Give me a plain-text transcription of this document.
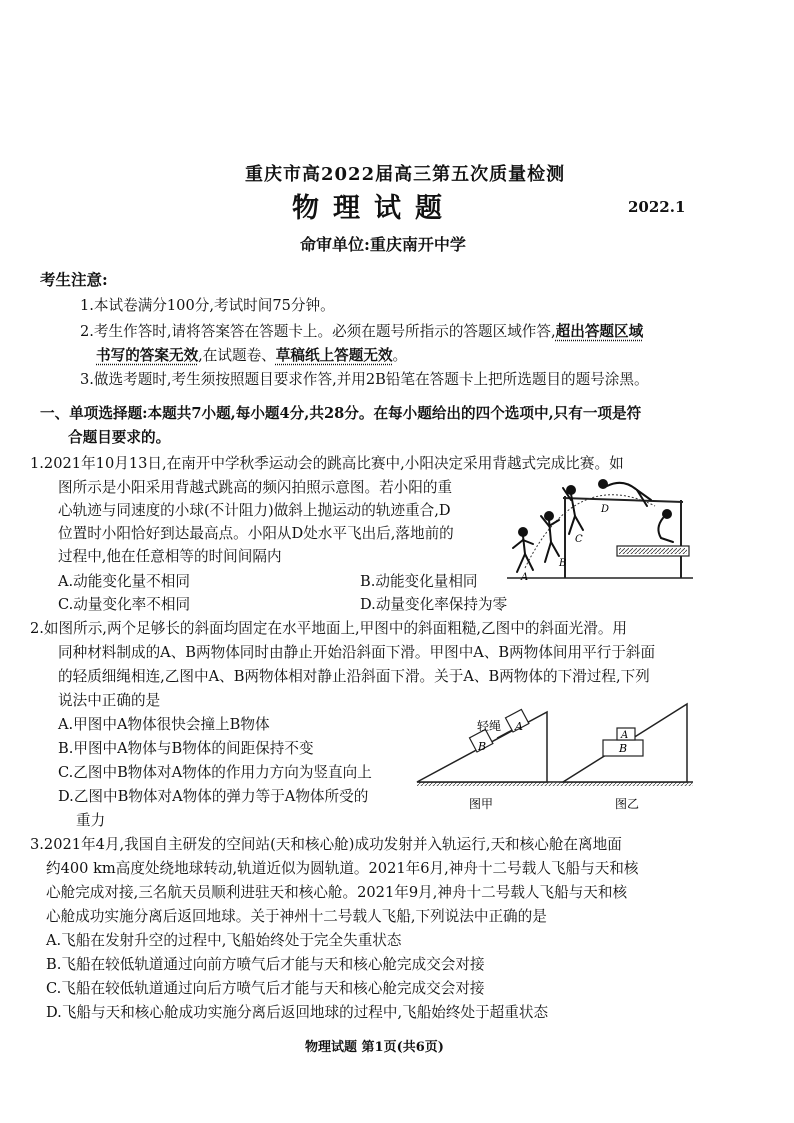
重庆市高2022届高三第五次质量检测
物理试题	2022.1
命审单位:重庆南开中学
考生注意:
1.本试卷满分100分,考试时间75分钟。
2.考生作答时,请将答案答在答题卡上。必须在题号所指示的答题区域作答,超出答题区域
书写的答案无效,在试题卷、草稿纸上答题无效。
3.做选考题时,考生须按照题目要求作答,并用2B铅笔在答题卡上把所选题目的题号涂黑。
一、单项选择题:本题共7小题,每小题4分,共28分。在每小题给出的四个选项中,只有一项是符
合题目要求的。
1.2021年10月13日,在南开中学秋季运动会的跳高比赛中,小阳决定采用背越式完成比赛。如
图所示是小阳采用背越式跳高的频闪拍照示意图。若小阳的重
心轨迹与同速度的小球(不计阻力)做斜上抛运动的轨迹重合,D
位置时小阳恰好到达最高点。小阳从D处水平飞出后,落地前的
过程中,他在任意相等的时间间隔内
A.动能变化量不相同	B.动能变化量相同
C.动量变化率不相同	D.动量变化率保持为零
D
C
B
A
2.如图所示,两个足够长的斜面均固定在水平地面上,甲图中的斜面粗糙,乙图中的斜面光滑。用
同种材料制成的A、B两物体同时由静止开始沿斜面下滑。甲图中A、B两物体间用平行于斜面
的轻质细绳相连,乙图中A、B两物体相对静止沿斜面下滑。关于A、B两物体的下滑过程,下列
说法中正确的是
A.甲图中A物体很快会撞上B物体
B.甲图中A物体与B物体的间距保持不变
C.乙图中B物体对A物体的作用力方向为竖直向上
D.乙图中B物体对A物体的弹力等于A物体所受的
重力
轻绳
B
A
B
A
图甲	图乙
3.2021年4月,我国自主研发的空间站(天和核心舱)成功发射并入轨运行,天和核心舱在离地面
约400 km高度处绕地球转动,轨道近似为圆轨道。2021年6月,神舟十二号载人飞船与天和核
心舱完成对接,三名航天员顺利进驻天和核心舱。2021年9月,神舟十二号载人飞船与天和核
心舱成功实施分离后返回地球。关于神州十二号载人飞船,下列说法中正确的是
A.飞船在发射升空的过程中,飞船始终处于完全失重状态
B.飞船在较低轨道通过向前方喷气后才能与天和核心舱完成交会对接
C.飞船在较低轨道通过向后方喷气后才能与天和核心舱完成交会对接
D.飞船与天和核心舱成功实施分离后返回地球的过程中,飞船始终处于超重状态
物理试题 第1页(共6页)
